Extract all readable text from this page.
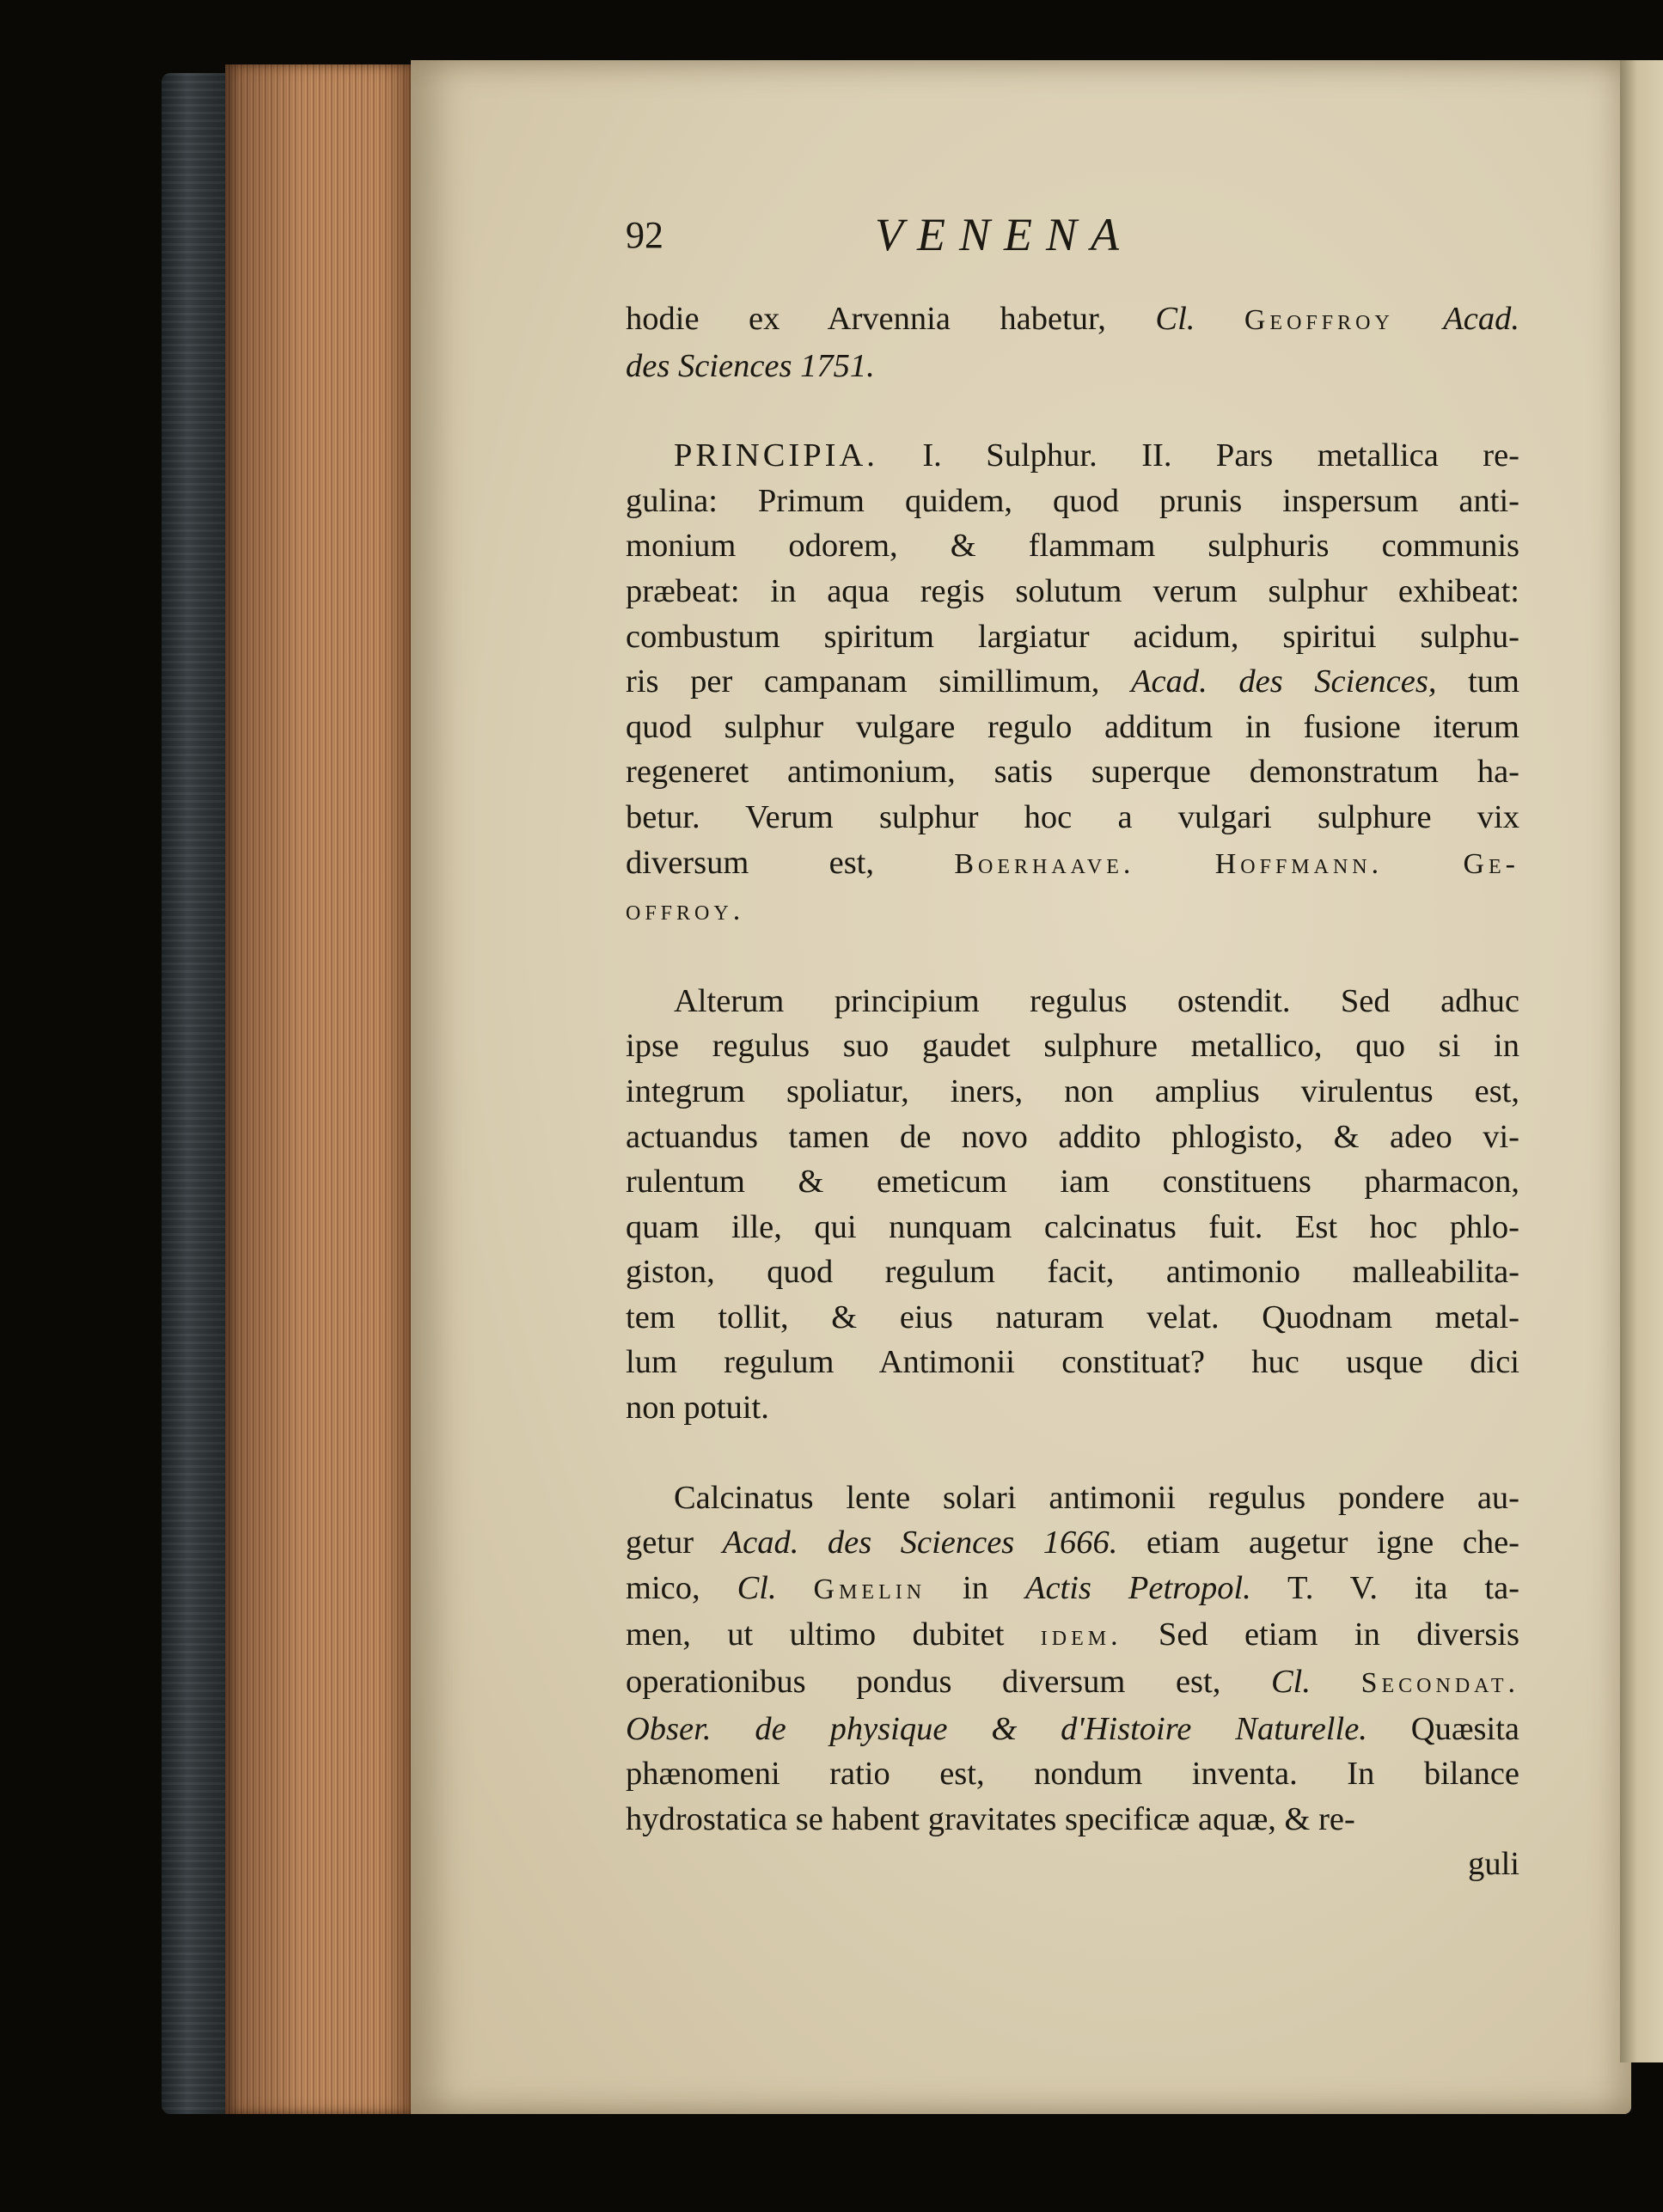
92	VENENA
hodie ex Arvennia habetur, Cl. Geoffroy Acad.
des Sciences 1751.
PRINCIPIA. I. Sulphur. II. Pars metallica re-
gulina: Primum quidem, quod prunis inspersum anti-
monium odorem, & flammam sulphuris communis
præbeat: in aqua regis solutum verum sulphur exhibeat:
combustum spiritum largiatur acidum, spiritui sulphu-
ris per campanam simillimum, Acad. des Sciences, tum
quod sulphur vulgare regulo additum in fusione iterum
regeneret antimonium, satis superque demonstratum ha-
betur. Verum sulphur hoc a vulgari sulphure vix
diversum est, Boerhaave.	Hoffmann.	Ge-
offroy.
Alterum principium regulus ostendit. Sed adhuc
ipse regulus suo gaudet sulphure metallico, quo si in
integrum spoliatur, iners, non amplius virulentus est,
actuandus tamen de novo addito phlogisto, & adeo vi-
rulentum & emeticum iam constituens pharmacon,
quam ille, qui nunquam calcinatus fuit. Est hoc phlo-
giston, quod regulum facit, antimonio malleabilita-
tem tollit, & eius naturam velat. Quodnam metal-
lum regulum Antimonii constituat? huc usque dici
non potuit.
Calcinatus lente solari antimonii regulus pondere au-
getur Acad. des Sciences 1666. etiam augetur igne che-
mico, Cl. Gmelin in Actis Petropol. T. V. ita ta-
men, ut ultimo dubitet idem. Sed etiam in diversis
operationibus pondus diversum est, Cl. Secondat.
Obser. de physique & d'Histoire Naturelle. Quæsita
phænomeni ratio est, nondum inventa. In bilance
hydrostatica se habent gravitates specificæ aquæ, & re-
guli
